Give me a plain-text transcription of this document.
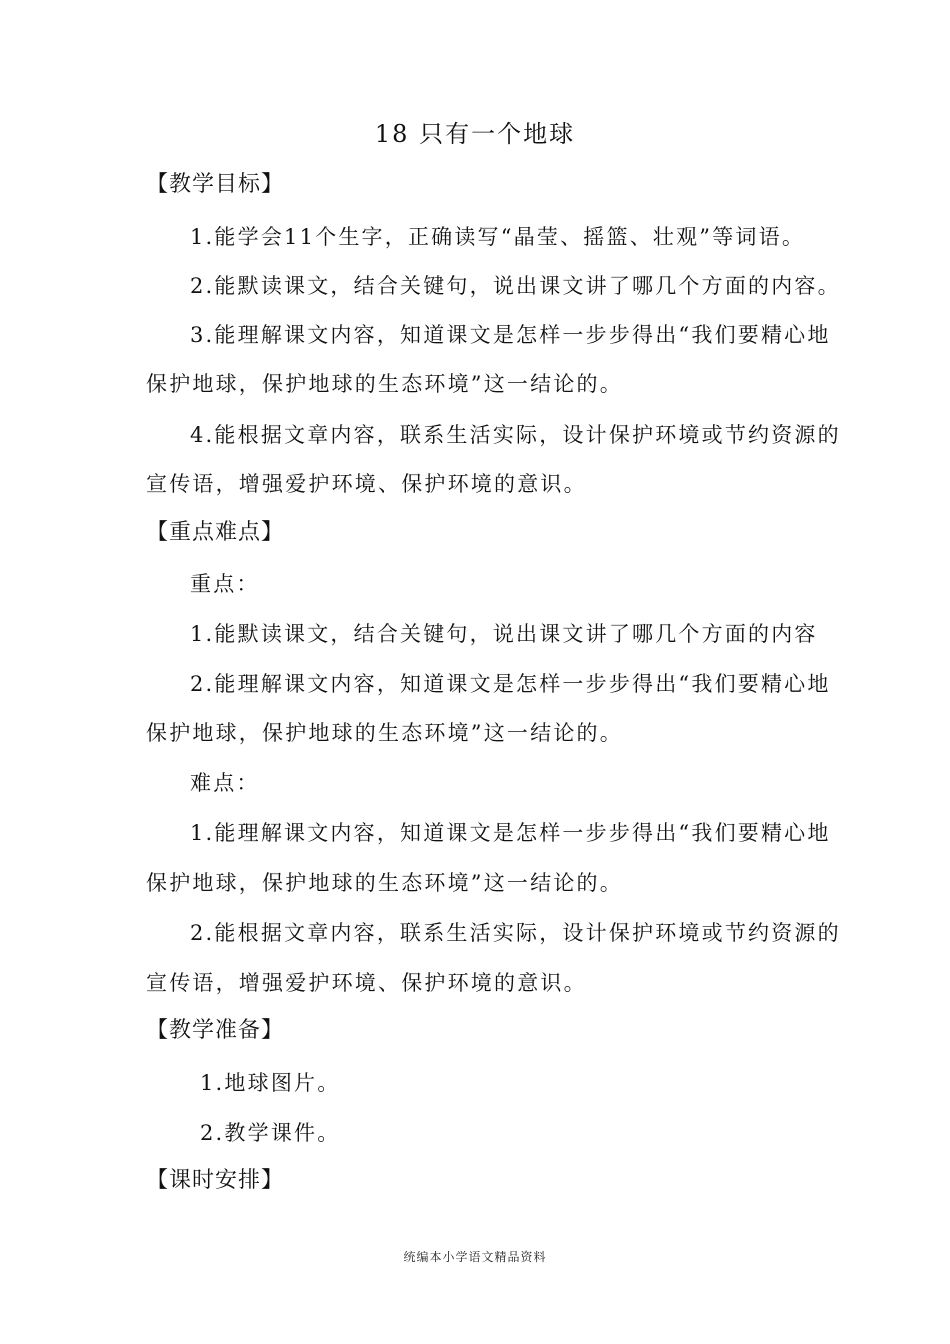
18 只有一个地球
【教学目标】
1.能学会11个生字，正确读写“晶莹、摇篮、壮观”等词语。
2.能默读课文，结合关键句，说出课文讲了哪几个方面的内容。
3.能理解课文内容，知道课文是怎样一步步得出“我们要精心地
保护地球，保护地球的生态环境”这一结论的。
4.能根据文章内容，联系生活实际，设计保护环境或节约资源的
宣传语，增强爱护环境、保护环境的意识。
【重点难点】
重点：
1.能默读课文，结合关键句，说出课文讲了哪几个方面的内容
2.能理解课文内容，知道课文是怎样一步步得出“我们要精心地
保护地球，保护地球的生态环境”这一结论的。
难点：
1.能理解课文内容，知道课文是怎样一步步得出“我们要精心地
保护地球，保护地球的生态环境”这一结论的。
2.能根据文章内容，联系生活实际，设计保护环境或节约资源的
宣传语，增强爱护环境、保护环境的意识。
【教学准备】
1.地球图片。
2.教学课件。
【课时安排】
统编本小学语文精品资料
